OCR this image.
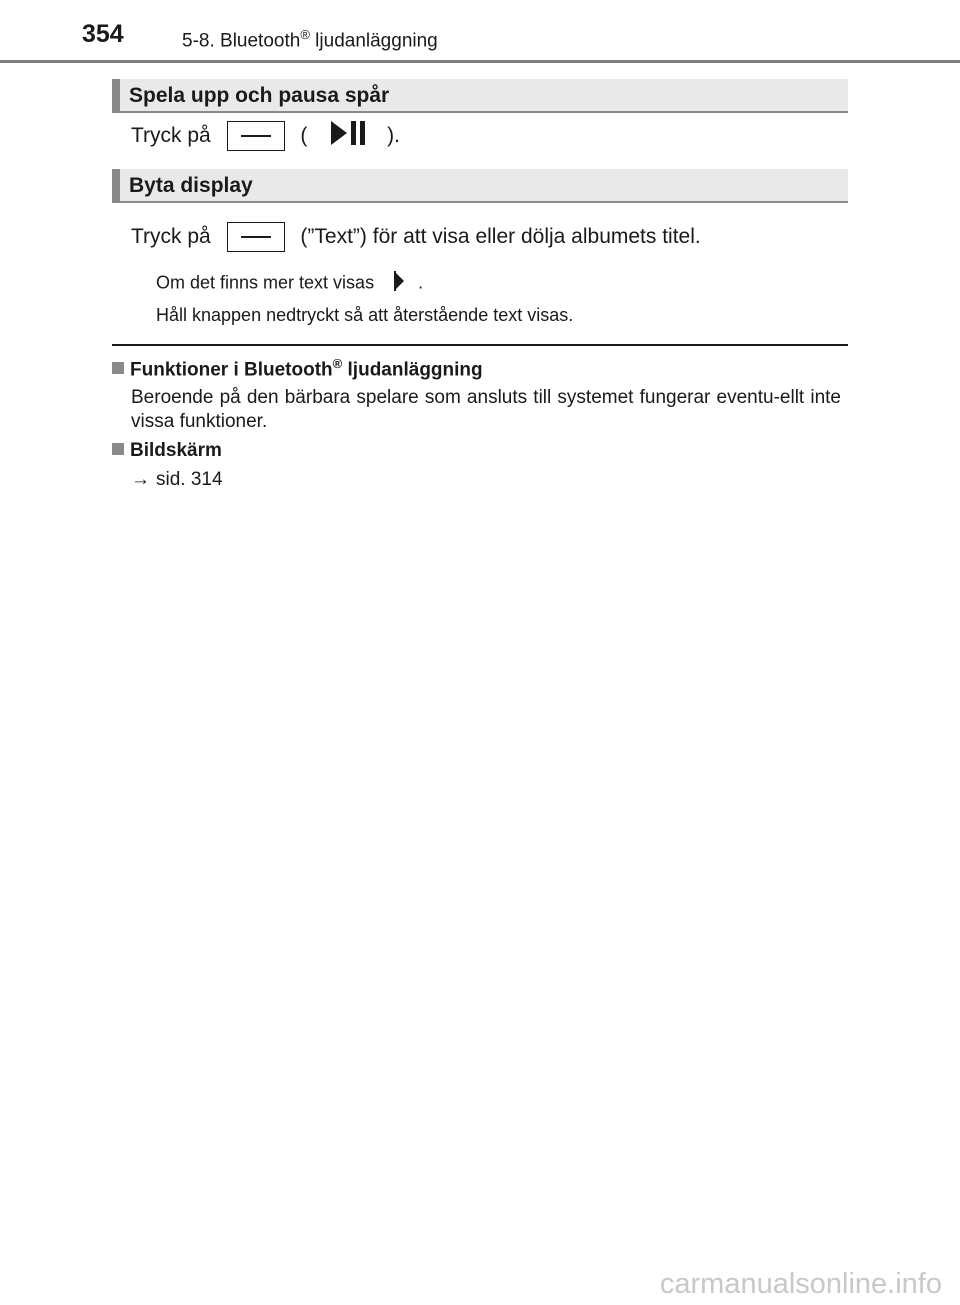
354	5-8. Bluetooth® ljudanläggning
Spela upp och pausa spår
Tryck på	(	).
Byta display
Tryck på	(”Text”) för att visa eller dölja albumets titel.
Om det finns mer text visas .
Håll knappen nedtryckt så att återstående text visas.
Funktioner i Bluetooth® ljudanläggning
Beroende på den bärbara spelare som ansluts till systemet fungerar eventu-ellt inte vissa funktioner.
Bildskärm
→ sid. 314
carmanualsonline.info
